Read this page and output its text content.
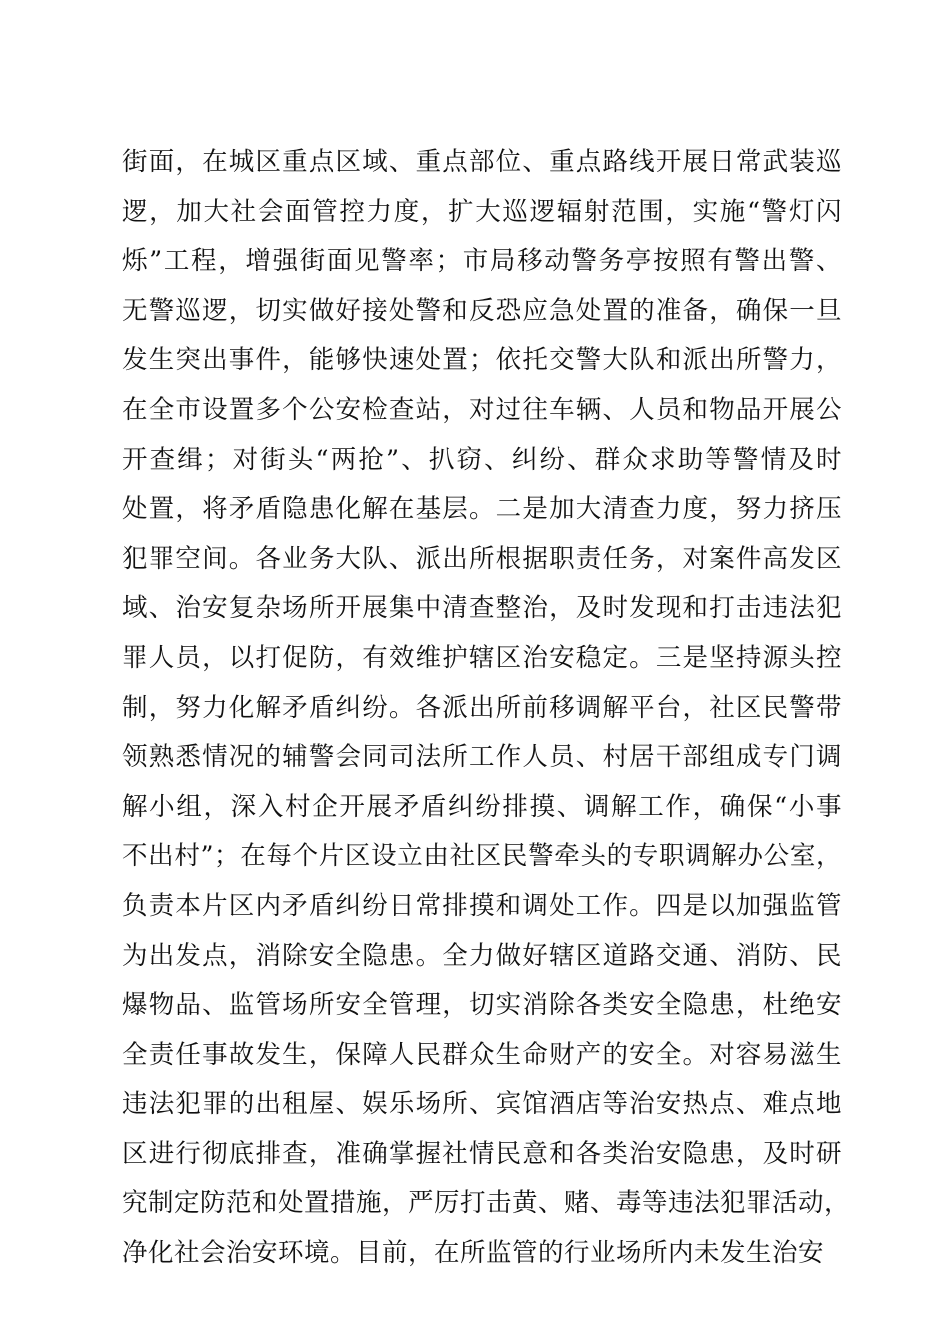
街面，在城区重点区域、重点部位、重点路线开展日常武装巡
逻，加大社会面管控力度，扩大巡逻辐射范围，实施“警灯闪
烁”工程，增强街面见警率；市局移动警务亭按照有警出警、
无警巡逻，切实做好接处警和反恐应急处置的准备，确保一旦
发生突出事件，能够快速处置；依托交警大队和派出所警力，
在全市设置多个公安检查站，对过往车辆、人员和物品开展公
开查缉；对街头“两抢”、扒窃、纠纷、群众求助等警情及时
处置，将矛盾隐患化解在基层。二是加大清查力度，努力挤压
犯罪空间。各业务大队、派出所根据职责任务，对案件高发区
域、治安复杂场所开展集中清查整治，及时发现和打击违法犯
罪人员，以打促防，有效维护辖区治安稳定。三是坚持源头控
制，努力化解矛盾纠纷。各派出所前移调解平台，社区民警带
领熟悉情况的辅警会同司法所工作人员、村居干部组成专门调
解小组，深入村企开展矛盾纠纷排摸、调解工作，确保“小事
不出村”；在每个片区设立由社区民警牵头的专职调解办公室，
负责本片区内矛盾纠纷日常排摸和调处工作。四是以加强监管
为出发点，消除安全隐患。全力做好辖区道路交通、消防、民
爆物品、监管场所安全管理，切实消除各类安全隐患，杜绝安
全责任事故发生，保障人民群众生命财产的安全。对容易滋生
违法犯罪的出租屋、娱乐场所、宾馆酒店等治安热点、难点地
区进行彻底排查，准确掌握社情民意和各类治安隐患，及时研
究制定防范和处置措施，严厉打击黄、赌、毒等违法犯罪活动，
净化社会治安环境。目前，在所监管的行业场所内未发生治安
